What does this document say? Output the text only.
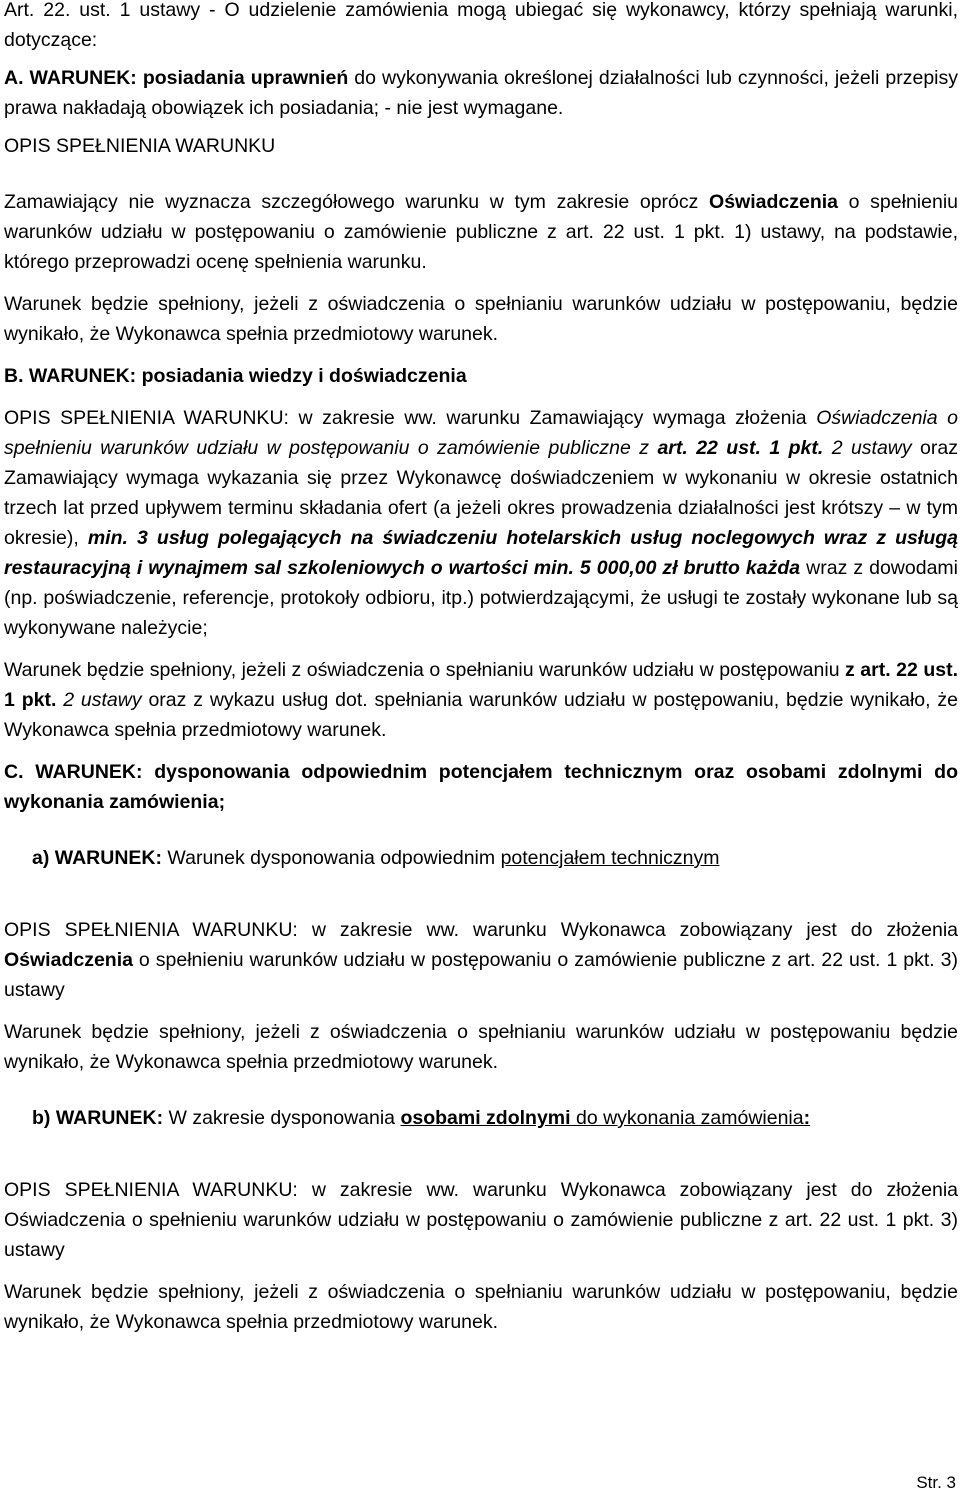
Art. 22. ust. 1 ustawy - O udzielenie zamówienia mogą ubiegać się wykonawcy, którzy spełniają warunki, dotyczące:

A. WARUNEK: posiadania uprawnień do wykonywania określonej działalności lub czynności, jeżeli przepisy prawa nakładają obowiązek ich posiadania; - nie jest wymagane.

OPIS SPEŁNIENIA WARUNKU

Zamawiający nie wyznacza szczegółowego warunku w tym zakresie oprócz Oświadczenia o spełnieniu warunków udziału w postępowaniu o zamówienie publiczne z art. 22 ust. 1 pkt. 1) ustawy, na podstawie, którego przeprowadzi ocenę spełnienia warunku.

Warunek będzie spełniony, jeżeli z oświadczenia o spełnianiu warunków udziału w postępowaniu, będzie wynikało, że Wykonawca spełnia przedmiotowy warunek.

B. WARUNEK: posiadania wiedzy i doświadczenia

OPIS SPEŁNIENIA WARUNKU: w zakresie ww. warunku Zamawiający wymaga złożenia Oświadczenia o spełnieniu warunków udziału w postępowaniu o zamówienie publiczne z art. 22 ust. 1 pkt. 2 ustawy oraz Zamawiający wymaga wykazania się przez Wykonawcę doświadczeniem w wykonaniu w okresie ostatnich trzech lat przed upływem terminu składania ofert (a jeżeli okres prowadzenia działalności jest krótszy – w tym okresie), min. 3 usług polegających na świadczeniu hotelarskich usług noclegowych wraz z usługą restauracyjną i wynajmem sal szkoleniowych o wartości min. 5 000,00 zł brutto każda wraz z dowodami (np. poświadczenie, referencje, protokoły odbioru, itp.) potwierdzającymi, że usługi te zostały wykonane lub są wykonywane należycie;

Warunek będzie spełniony, jeżeli z oświadczenia o spełnianiu warunków udziału w postępowaniu z art. 22 ust. 1 pkt. 2 ustawy oraz z wykazu usług dot. spełniania warunków udziału w postępowaniu, będzie wynikało, że Wykonawca spełnia przedmiotowy warunek.

C. WARUNEK: dysponowania odpowiednim potencjałem technicznym oraz osobami zdolnymi do wykonania zamówienia;

a) WARUNEK: Warunek dysponowania odpowiednim potencjałem technicznym

OPIS SPEŁNIENIA WARUNKU: w zakresie ww. warunku Wykonawca zobowiązany jest do złożenia Oświadczenia o spełnieniu warunków udziału w postępowaniu o zamówienie publiczne z art. 22 ust. 1 pkt. 3) ustawy

Warunek będzie spełniony, jeżeli z oświadczenia o spełnianiu warunków udziału w postępowaniu będzie wynikało, że Wykonawca spełnia przedmiotowy warunek.

b) WARUNEK: W zakresie dysponowania osobami zdolnymi do wykonania zamówienia:

OPIS SPEŁNIENIA WARUNKU: w zakresie ww. warunku Wykonawca zobowiązany jest do złożenia Oświadczenia o spełnieniu warunków udziału w postępowaniu o zamówienie publiczne z art. 22 ust. 1 pkt. 3) ustawy

Warunek będzie spełniony, jeżeli z oświadczenia o spełnianiu warunków udziału w postępowaniu, będzie wynikało, że Wykonawca spełnia przedmiotowy warunek.

Str. 3
